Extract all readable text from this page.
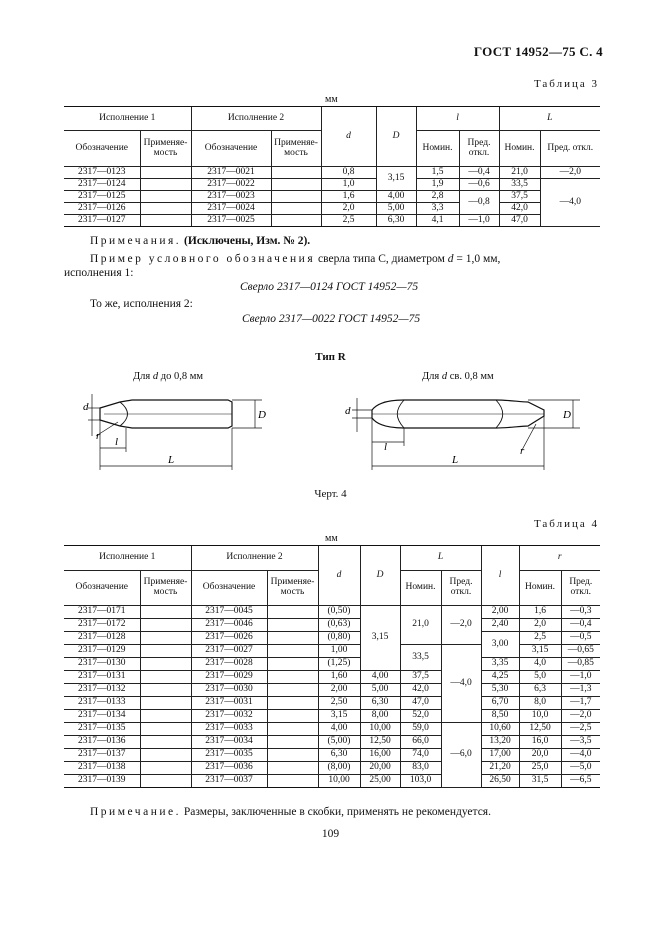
ГОСТ 14952—75 С. 4
Таблица 3
мм
Исполнение 1		Исполнение 2		d	D	l		L	
Обозначение	Применяе-мость	Обозначение	Применяе-мость			Номин.	Пред. откл.	Номин.	Пред. откл.
2317—0123		2317—0021		0,8	3,15	1,5	—0,4	21,0	—2,0
2317—0124		2317—0022		1,0		1,9	—0,6	33,5	—4,0
2317—0125		2317—0023		1,6	4,00	2,8	—0,8	37,5	
2317—0126		2317—0024		2,0	5,00	3,3		42,0	
2317—0127		2317—0025		2,5	6,30	4,1	—1,0	47,0	
Примечания. (Исключены, Изм. № 2).
Пример условного обозначения сверла типа С, диаметром d = 1,0 мм,
исполнения 1:
Сверло 2317—0124 ГОСТ 14952—75
То же, исполнения 2:
Сверло 2317—0022 ГОСТ 14952—75
Тип R
Для d до 0,8 мм	Для d св. 0,8 мм
d
D
r l
L
d	D
l
L
r
Черт. 4
Таблица 4
мм
Исполнение 1		Исполнение 2		d	D	L		l	r	
Обозначение	Применяе-мость	Обозначение	Применяе-мость			Номин.	Пред. откл.		Номин.	Пред. откл.
2317—0171		2317—0045		(0,50)	3,15	21,0	—2,0	2,00	1,6	—0,3
2317—0172		2317—0046		(0,63)				2,40	2,0	—0,4
2317—0128		2317—0026		(0,80)				3,00	2,5	—0,5
2317—0129		2317—0027		1,00		33,5	—4,0		3,15	—0,65
2317—0130		2317—0028		(1,25)				3,35	4,0	—0,85
2317—0131		2317—0029		1,60	4,00	37,5		4,25	5,0	—1,0
2317—0132		2317—0030		2,00	5,00	42,0		5,30	6,3	—1,3
2317—0133		2317—0031		2,50	6,30	47,0		6,70	8,0	—1,7
2317—0134		2317—0032		3,15	8,00	52,0		8,50	10,0	—2,0
2317—0135		2317—0033		4,00	10,00	59,0	—6,0	10,60	12,50	—2,5
2317—0136		2317—0034		(5,00)	12,50	66,0		13,20	16,0	—3,5
2317—0137		2317—0035		6,30	16,00	74,0		17,00	20,0	—4,0
2317—0138		2317—0036		(8,00)	20,00	83,0		21,20	25,0	—5,0
2317—0139		2317—0037		10,00	25,00	103,0		26,50	31,5	—6,5
Примечание. Размеры, заключенные в скобки, применять не рекомендуется.
109
